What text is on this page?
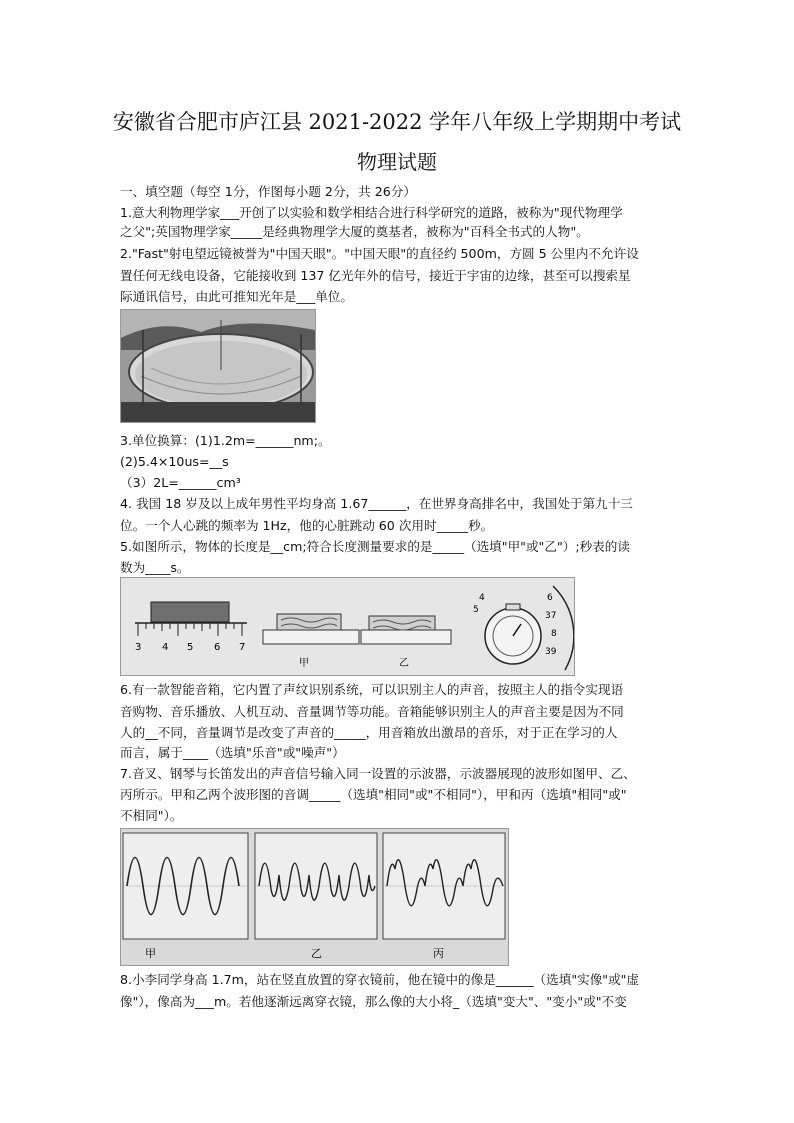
安徽省合肥市庐江县 2021-2022 学年八年级上学期期中考试
物理试题
一、填空题（每空 1分，作图每小题 2分，共 26分）
1.意大利物理学家___开创了以实验和数学相结合进行科学研究的道路，被称为"现代物理学
之父";英国物理学家_____是经典物理学大厦的奠基者，被称为"百科全书式的人物"。
2."Fast"射电望远镜被誉为"中国天眼"。"中国天眼"的直径约 500m，方圆 5 公里内不允许设
置任何无线电设备，它能接收到 137 亿光年外的信号，接近于宇宙的边缘，甚至可以搜索星
际通讯信号，由此可推知光年是___单位。
3.单位换算：(1)1.2m=______nm;。
(2)5.4×10us=__s
（3）2L=______cm³
4. 我国 18 岁及以上成年男性平均身高 1.67______，在世界身高排名中，我国处于第九十三
位。一个人心跳的频率为 1Hz，他的心脏跳动 60 次用时_____秒。
5.如图所示，物体的长度是__cm;符合长度测量要求的是_____（选填"甲"或"乙"）;秒表的读
数为____s。
3 4 5 6 7
甲	乙
6
37
8
39
4
5
6.有一款智能音箱，它内置了声纹识别系统，可以识别主人的声音，按照主人的指令实现语
音购物、音乐播放、人机互动、音量调节等功能。音箱能够识别主人的声音主要是因为不同
人的__不同，音量调节是改变了声音的_____，用音箱放出激昂的音乐，对于正在学习的人
而言，属于____（选填"乐音"或"噪声"）
7.音叉、钢琴与长笛发出的声音信号输入同一设置的示波器，示波器展现的波形如图甲、乙、
丙所示。甲和乙两个波形图的音调_____（选填"相同"或"不相同"），甲和丙（选填"相同"或"
不相同"）。
甲	乙	丙
8.小李同学身高 1.7m，站在竖直放置的穿衣镜前，他在镜中的像是______（选填"实像"或"虚
像"），像高为___m。若他逐渐远离穿衣镜，那么像的大小将_（选填"变大"、"变小"或"不变
